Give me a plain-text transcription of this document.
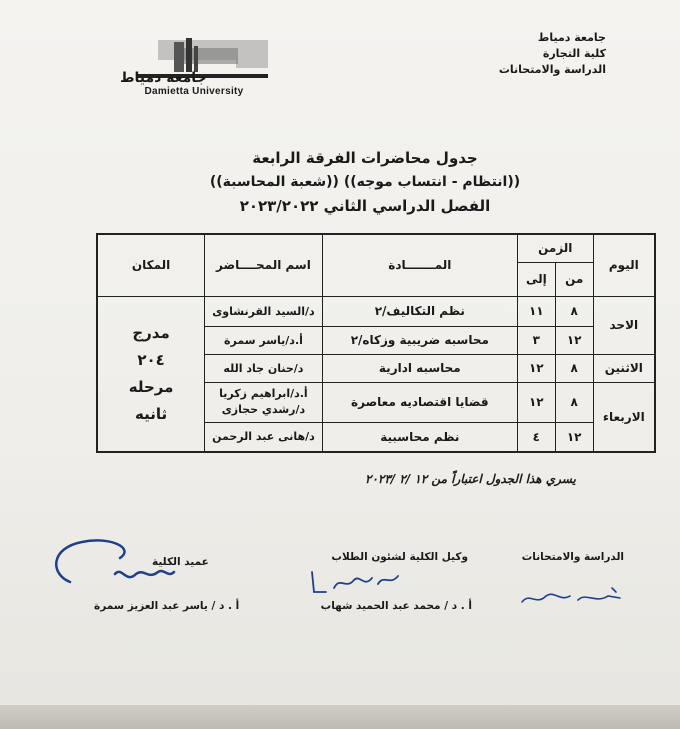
جامعة دمياط
كلية التجارة
الدراسة والامتحانات
جامعة دمياط
Damietta University
جدول محاضرات الفرقة الرابعة
((انتظام - انتساب موجه)) ((شعبة المحاسبة))
الفصل الدراسي الثاني ٢٠٢٣/٢٠٢٢
اليوم	الزمن		المـــــــادة	اسم المحــــاضر	المكان
	من	إلى			
الاحد	٨	١١	نظم التكاليف/٢	د/السيد القرنشاوى	مدرج
٢٠٤
مرحله
ثانيه

	١٢	٣	محاسبه ضريبية وزكاه/٢	أ.د/ياسر سمرة	
الاثنين	٨	١٢	محاسبه ادارية	د/حنان جاد الله	
الاربعاء	٨	١٢	قضايا اقتصاديه معاصرة	أ.د/ابراهيم زكريا
د/رشدي حجازى	

	١٢	٤	نظم محاسبية	د/هانى عبد الرحمن	
يسري هذا الجدول اعتباراً من ١٢ /٢ /٢٠٢٣
الدراسة والامتحانات
وكيل الكلية لشئون الطلاب
عميد الكلية
أ . د / محمد عبد الحميد شهاب
أ . د / ياسر عبد العزيز سمرة
